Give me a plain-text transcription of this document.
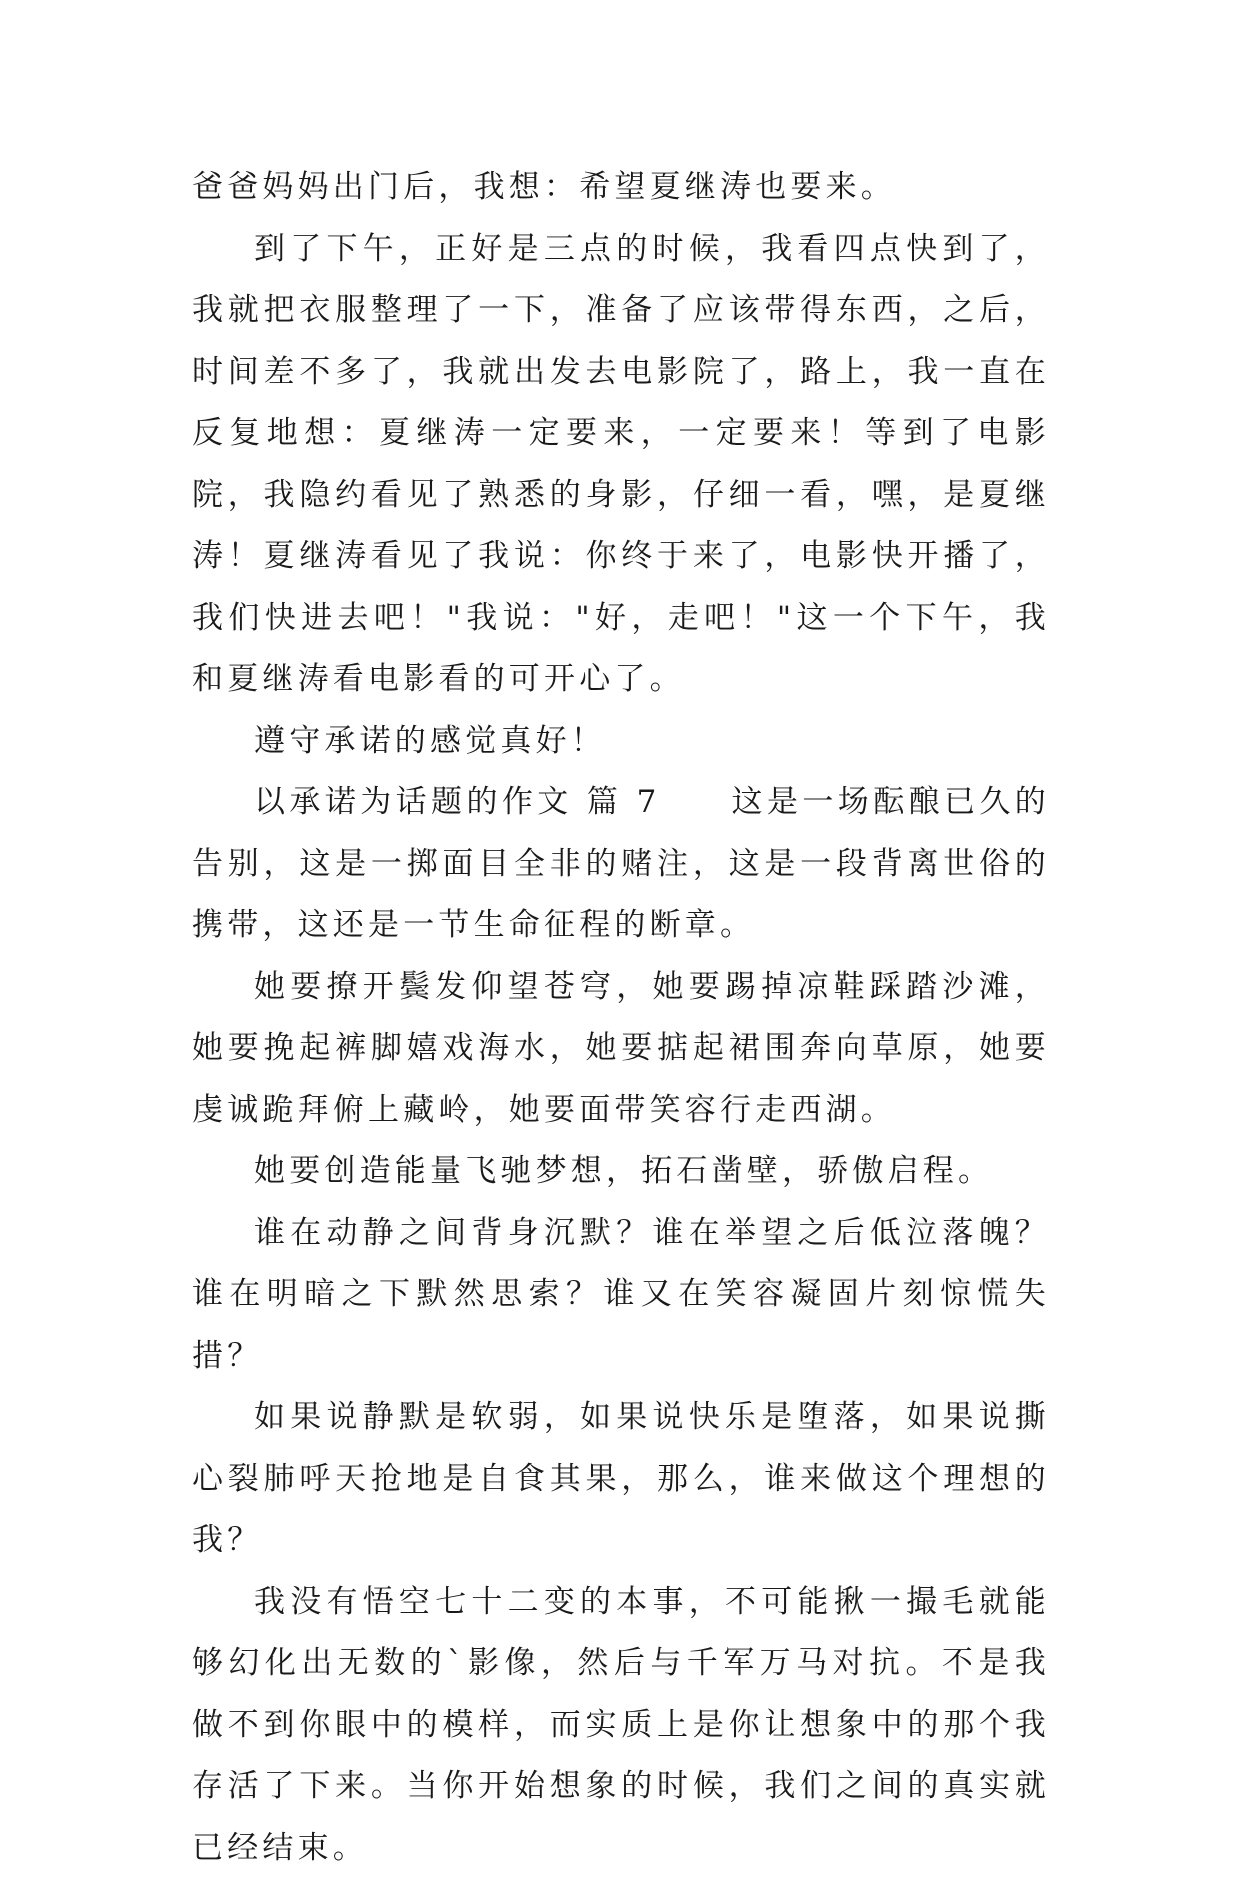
爸爸妈妈出门后，我想：希望夏继涛也要来。

到了下午，正好是三点的时候，我看四点快到了，我就把衣服整理了一下，准备了应该带得东西，之后，时间差不多了，我就出发去电影院了，路上，我一直在反复地想：夏继涛一定要来，一定要来！等到了电影院，我隐约看见了熟悉的身影，仔细一看，嘿，是夏继涛！夏继涛看见了我说：你终于来了，电影快开播了，我们快进去吧！"我说："好，走吧！"这一个下午，我和夏继涛看电影看的可开心了。

遵守承诺的感觉真好！

以承诺为话题的作文 篇 7　　这是一场酝酿已久的告别，这是一掷面目全非的赌注，这是一段背离世俗的携带，这还是一节生命征程的断章。

她要撩开鬓发仰望苍穹，她要踢掉凉鞋踩踏沙滩，她要挽起裤脚嬉戏海水，她要掂起裙围奔向草原，她要虔诚跪拜俯上藏岭，她要面带笑容行走西湖。

她要创造能量飞驰梦想，拓石凿壁，骄傲启程。

谁在动静之间背身沉默？谁在举望之后低泣落魄？谁在明暗之下默然思索？谁又在笑容凝固片刻惊慌失措？

如果说静默是软弱，如果说快乐是堕落，如果说撕心裂肺呼天抢地是自食其果，那么，谁来做这个理想的我？

我没有悟空七十二变的本事，不可能揪一撮毛就能够幻化出无数的`影像，然后与千军万马对抗。不是我做不到你眼中的模样，而实质上是你让想象中的那个我存活了下来。当你开始想象的时候，我们之间的真实就已经结束。
